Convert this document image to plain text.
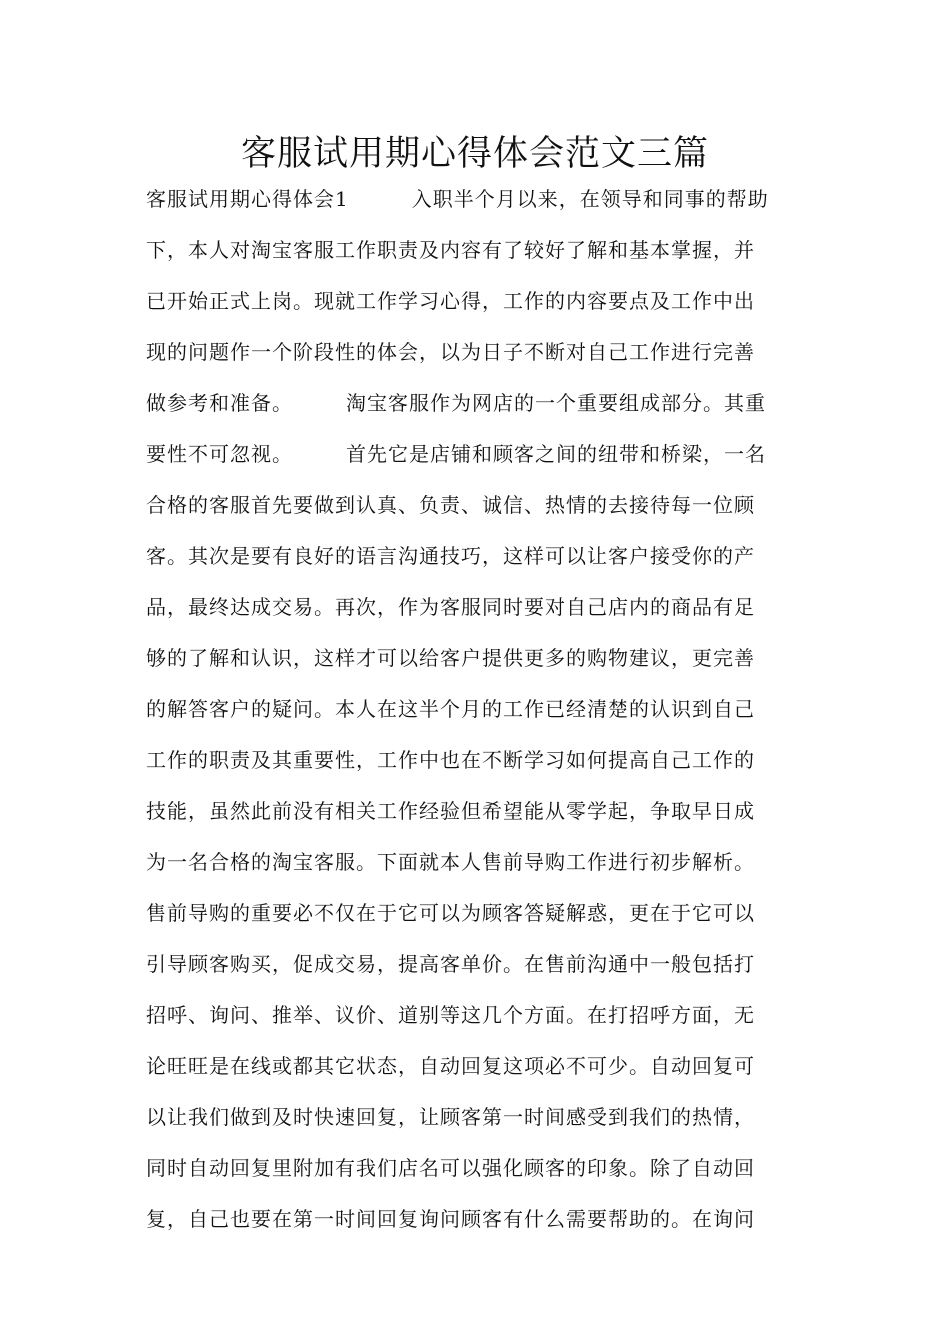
客服试用期心得体会范文三篇
客服试用期心得体会1　　　入职半个月以来，在领导和同事的帮助
下，本人对淘宝客服工作职责及内容有了较好了解和基本掌握，并
已开始正式上岗。现就工作学习心得，工作的内容要点及工作中出
现的问题作一个阶段性的体会，以为日子不断对自己工作进行完善
做参考和准备。　　　淘宝客服作为网店的一个重要组成部分。其重
要性不可忽视。　　　首先它是店铺和顾客之间的纽带和桥梁，一名
合格的客服首先要做到认真、负责、诚信、热情的去接待每一位顾
客。其次是要有良好的语言沟通技巧，这样可以让客户接受你的产
品，最终达成交易。再次，作为客服同时要对自己店内的商品有足
够的了解和认识，这样才可以给客户提供更多的购物建议，更完善
的解答客户的疑问。本人在这半个月的工作已经清楚的认识到自己
工作的职责及其重要性，工作中也在不断学习如何提高自己工作的
技能，虽然此前没有相关工作经验但希望能从零学起，争取早日成
为一名合格的淘宝客服。下面就本人售前导购工作进行初步解析。
售前导购的重要必不仅在于它可以为顾客答疑解惑，更在于它可以
引导顾客购买，促成交易，提高客单价。在售前沟通中一般包括打
招呼、询问、推举、议价、道别等这几个方面。在打招呼方面，无
论旺旺是在线或都其它状态，自动回复这项必不可少。自动回复可
以让我们做到及时快速回复，让顾客第一时间感受到我们的热情，
同时自动回复里附加有我们店名可以强化顾客的印象。除了自动回
复，自己也要在第一时间回复询问顾客有什么需要帮助的。在询问
